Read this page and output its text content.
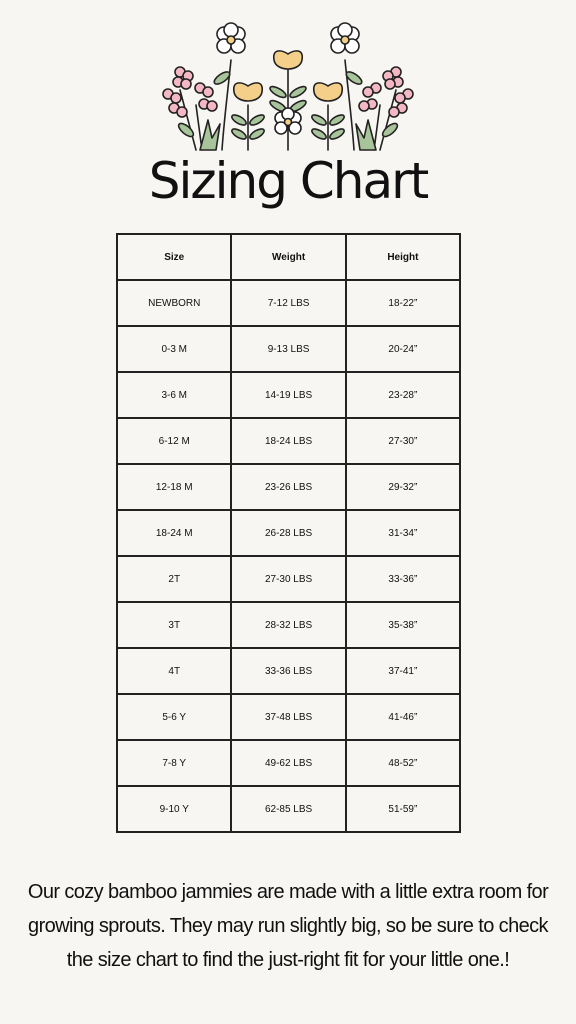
Sizing Chart
Size	Weight	Height
NEWBORN	7-12 LBS	18-22”
0-3 M	9-13 LBS	20-24”
3-6 M	14-19 LBS	23-28”
6-12 M	18-24 LBS	27-30”
12-18 M	23-26 LBS	29-32”
18-24 M	26-28 LBS	31-34”
2T	27-30 LBS	33-36”
3T	28-32 LBS	35-38”
4T	33-36 LBS	37-41”
5-6 Y	37-48 LBS	41-46”
7-8 Y	49-62 LBS	48-52”
9-10 Y	62-85 LBS	51-59”
Our cozy bamboo jammies are made with a little extra room for growing sprouts. They may run slightly big, so be sure to check the size chart to find the just-right fit for your little one.!
